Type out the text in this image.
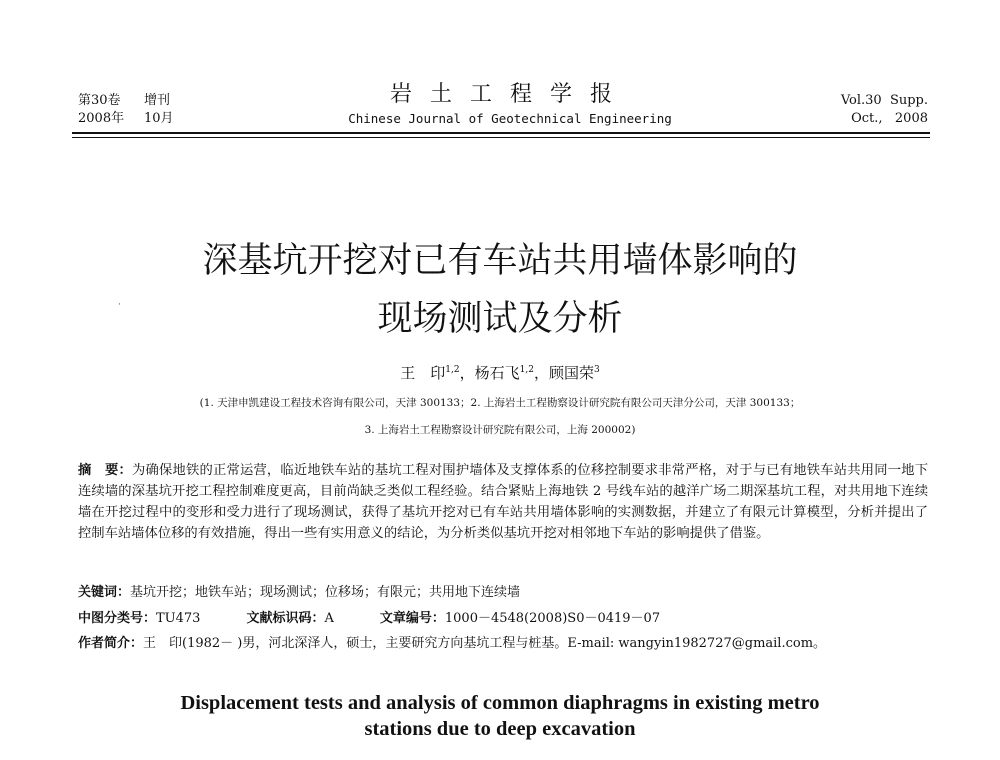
第30卷 增刊
2008年 10月
岩土工程学报
Chinese Journal of Geotechnical Engineering
Vol.30 Supp.
Oct., 2008
深基坑开挖对已有车站共用墙体影响的
现场测试及分析
·
王　印$^{1,2}$，杨石飞$^{1,2}$，顾国荣$^3$
(1. 天津申凯建设工程技术咨询有限公司，天津 300133；2. 上海岩土工程勘察设计研究院有限公司天津分公司，天津 300133；
3. 上海岩土工程勘察设计研究院有限公司，上海 200002)
摘　要：为确保地铁的正常运营，临近地铁车站的基坑工程对围护墙体及支撑体系的位移控制要求非常严格，对于与已有地铁车站共用同一地下连续墙的深基坑开挖工程控制难度更高，目前尚缺乏类似工程经验。结合紧贴上海地铁 2 号线车站的越洋广场二期深基坑工程，对共用地下连续墙在开挖过程中的变形和受力进行了现场测试，获得了基坑开挖对已有车站共用墙体影响的实测数据，并建立了有限元计算模型，分析并提出了控制车站墙体位移的有效措施，得出一些有实用意义的结论，为分析类似基坑开挖对相邻地下车站的影响提供了借鉴。
关键词：基坑开挖；地铁车站；现场测试；位移场；有限元；共用地下连续墙
中图分类号：TU473	文献标识码：A	文章编号：1000－4548(2008)S0－0419－07
作者简介：王　印(1982－ )男，河北深泽人，硕士，主要研究方向基坑工程与桩基。E-mail: wangyin1982727@gmail.com。
Displacement tests and analysis of common diaphragms in existing metro
stations due to deep excavation
